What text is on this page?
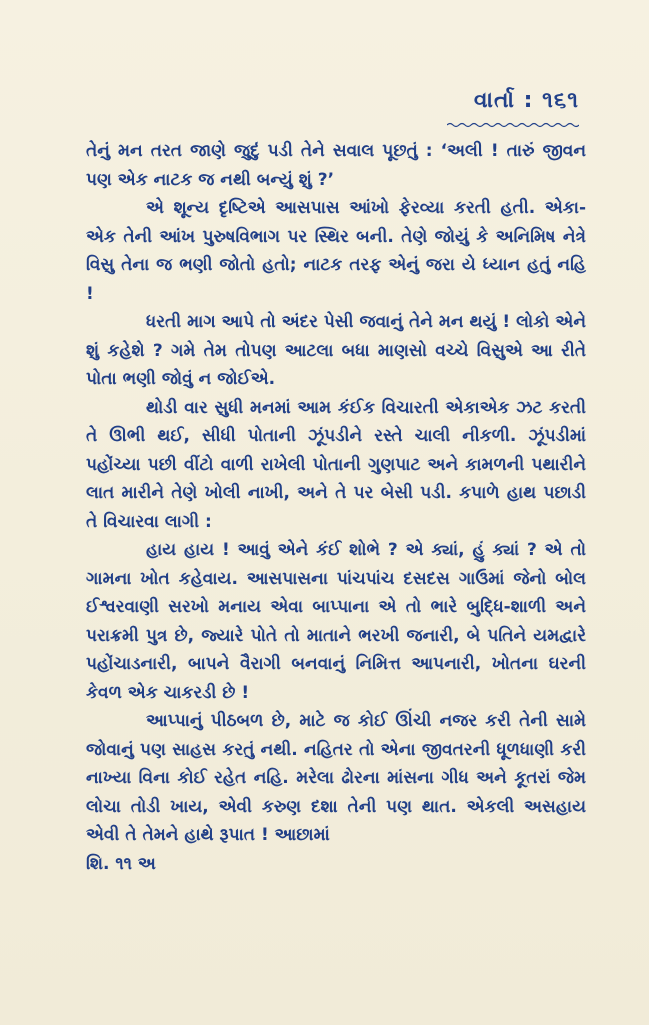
વાર્તા : ૧૬૧

તેનું મન તરત જાણે જુદું પડી તેને સવાલ પૂછતું : ‘અલી ! તારું જીવન પણ એક નાટક જ નથી બન્યું શું ?’

એ શૂન્ય દૃષ્ટિએ આસપાસ આંખો ફેરવ્યા કરતી હતી. એકા-એક તેની આંખ પુરુષવિભાગ પર સ્થિર બની. તેણે જોયું કે અનિમિષ નેત્રે વિસુ તેના જ ભણી જોતો હતો; નાટક તરફ એનું જરા યે ધ્યાન હતું નહિ !

ધરતી માગ આપે તો અંદર પેસી જવાનું તેને મન થયું ! લોકો એને શું કહેશે ? ગમે તેમ તોપણ આટલા બધા માણસો વચ્ચે વિસુએ આ રીતે પોતા ભણી જોવું ન જોઈએ.

થોડી વાર સુધી મનમાં આમ કંઈક વિચારતી એકાએક ઝટ કરતી તે ઊભી થઈ, સીધી પોતાની ઝૂંપડીને રસ્તે ચાલી નીકળી. ઝૂંપડીમાં પહોંચ્યા પછી વીંટો વાળી રાખેલી પોતાની ગુણપાટ અને કામળની પથારીને લાત મારીને તેણે ખોલી નાખી, અને તે પર બેસી પડી. કપાળે હાથ પછાડી તે વિચારવા લાગી :

હાય હાય ! આવું એને કંઈ શોભે ? એ ક્યાં, હું ક્યાં ? એ તો ગામના ખોત કહેવાય. આસપાસના પાંચપાંચ દસદસ ગાઉમાં જેનો બોલ ઈશ્વરવાણી સરખો મનાય એવા બાપ્પાના એ તો ભારે બુદ્ધિ-શાળી અને પરાક્રમી પુત્ર છે, જ્યારે પોતે તો માતાને ભરખી જનારી, બે પતિને યમદ્વારે પહોંચાડનારી, બાપને વૈરાગી બનવાનું નિમિત્ત આપનારી, ખોતના ઘરની કેવળ એક ચાકરડી છે !

આપ્પાનું પીઠબળ છે, માટે જ કોઈ ઊંચી નજર કરી તેની સામે જોવાનું પણ સાહસ કરતું નથી. નહિતર તો એના જીવતરની ધૂળધાણી કરી નાખ્યા વિના કોઈ રહેત નહિ. મરેલા ઢોરના માંસના ગીધ અને કૂતરાં જેમ લોચા તોડી ખાય, એવી કરુણ દશા તેની પણ થાત. એકલી અસહાય એવી તે તેમને હાથે રૂપાત ! આછામાં

શિ. ૧૧ અ
